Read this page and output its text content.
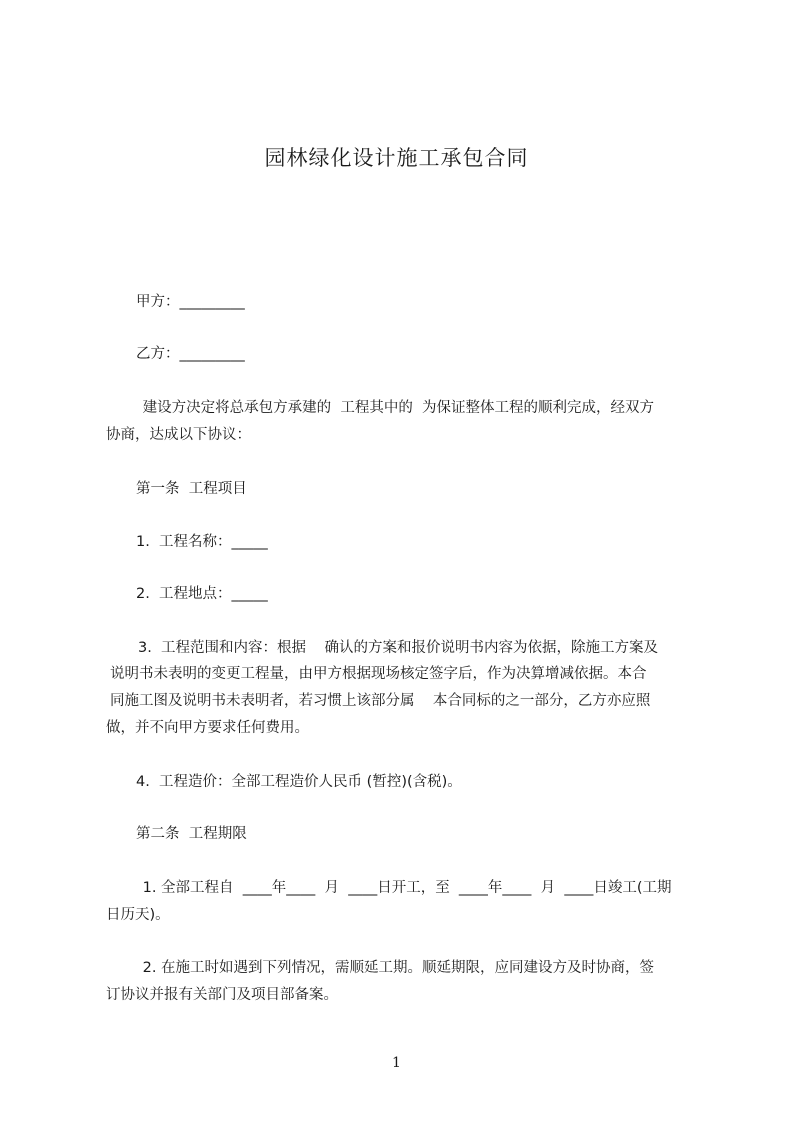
园林绿化设计施工承包合同
甲方：_________
乙方：_________
建设方决定将总承包方承建的  工程其中的  为保证整体工程的顺利完成，经双方
协商，达成以下协议：
第一条  工程项目
1.  工程名称：_____
2.  工程地点：_____
3.  工程范围和内容：根据    确认的方案和报价说明书内容为依据，除施工方案及
说明书未表明的变更工程量，由甲方根据现场核定签字后，作为决算增减依据。本合
同施工图及说明书未表明者，若习惯上该部分属    本合同标的之一部分，乙方亦应照
做，并不向甲方要求任何费用。
4.  工程造价：全部工程造价人民币 (暂控)(含税)。
第二条  工程期限
1. 全部工程自  ____年____  月  ____日开工，至  ____年____  月  ____日竣工(工期
日历天)。
2. 在施工时如遇到下列情况，需顺延工期。顺延期限，应同建设方及时协商，签
订协议并报有关部门及项目部备案。
1
